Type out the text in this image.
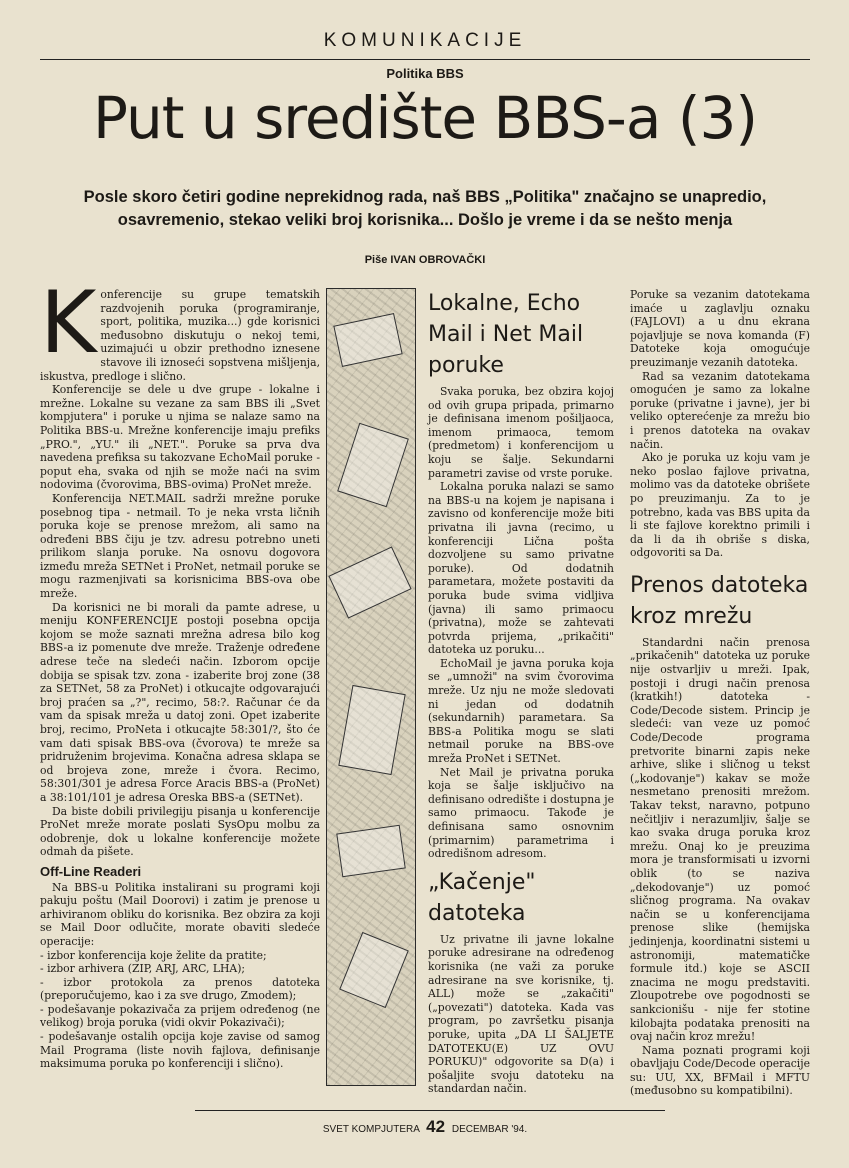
KOMUNIKACIJE
Politika BBS
Put u središte BBS-a (3)
Posle skoro četiri godine neprekidnog rada, naš BBS „Politika" značajno se unapredio, osavremenio, stekao veliki broj korisnika... Došlo je vreme i da se nešto menja
Piše IVAN OBROVAČKI

Konferencije su grupe tematskih razdvojenih poruka (programiranje, sport, politika, muzika...) gde korisnici međusobno diskutuju o nekoj temi, uzimajući u obzir prethodno iznesene stavove ili iznoseći sopstvena mišljenja, iskustva, predloge i slično.

Konferencije se dele u dve grupe - lokalne i mrežne. Lokalne su vezane za sam BBS ili „Svet kompjutera" i poruke u njima se nalaze samo na Politika BBS-u. Mrežne konferencije imaju prefiks „PRO.", „YU." ili „NET.". Poruke sa prva dva navedena prefiksa su takozvane EchoMail poruke - poput eha, svaka od njih se može naći na svim nodovima (čvorovima, BBS-ovima) ProNet mreže.

Konferencija NET.MAIL sadrži mrežne poruke posebnog tipa - netmail. To je neka vrsta ličnih poruka koje se prenose mrežom, ali samo na određeni BBS čiju je tzv. adresu potrebno uneti prilikom slanja poruke. Na osnovu dogovora između mreža SETNet i ProNet, netmail poruke se mogu razmenjivati sa korisnicima BBS-ova obe mreže.

Da korisnici ne bi morali da pamte adrese, u meniju KONFERENCIJE postoji posebna opcija kojom se može saznati mrežna adresa bilo kog BBS-a iz pomenute dve mreže. Traženje određene adrese teče na sledeći način. Izborom opcije dobija se spisak tzv. zona - izaberite broj zone (38 za SETNet, 58 za ProNet) i otkucajte odgovarajući broj praćen sa „?", recimo, 58:?. Računar će da vam da spisak mreža u datoj zoni. Opet izaberite broj, recimo, ProNeta i otkucajte 58:301/?, što će vam dati spisak BBS-ova (čvorova) te mreže sa pridruženim brojevima. Konačna adresa sklapa se od brojeva zone, mreže i čvora. Recimo, 58:301/301 je adresa Force Aracis BBS-a (ProNet) a 38:101/101 je adresa Oreska BBS-a (SETNet).

Da biste dobili privilegiju pisanja u konferencije ProNet mreže morate poslati SysOpu molbu za odobrenje, dok u lokalne konferencije možete odmah da pišete.

Off-Line Readeri

Na BBS-u Politika instalirani su programi koji pakuju poštu (Mail Doorovi) i zatim je prenose u arhiviranom obliku do korisnika. Bez obzira za koji se Mail Door odlučite, morate obaviti sledeće operacije:

- izbor konferencija koje želite da pratite;
- izbor arhivera (ZIP, ARJ, ARC, LHA);
- izbor protokola za prenos datoteka (preporučujemo, kao i za sve drugo, Zmodem);
- podešavanje pokazivača za prijem određenog (ne velikog) broja poruka (vidi okvir Pokazivači);
- podešavanje ostalih opcija koje zavise od samog Mail Programa (liste novih fajlova, definisanje maksimuma poruka po konferenciji i slično).
Lokalne, Echo Mail i Net Mail poruke

Svaka poruka, bez obzira kojoj od ovih grupa pripada, primarno je definisana imenom pošiljaoca, imenom primaoca, temom (predmetom) i konferencijom u koju se šalje. Sekundarni parametri zavise od vrste poruke.

Lokalna poruka nalazi se samo na BBS-u na kojem je napisana i zavisno od konferencije može biti privatna ili javna (recimo, u konferenciji Lična pošta dozvoljene su samo privatne poruke). Od dodatnih parametara, možete postaviti da poruka bude svima vidljiva (javna) ili samo primaocu (privatna), može se zahtevati potvrda prijema, „prikačiti" datoteka uz poruku...

EchoMail je javna poruka koja se „umnoži" na svim čvorovima mreže. Uz nju ne može sledovati ni jedan od dodatnih (sekundarnih) parametara. Sa BBS-a Politika mogu se slati netmail poruke na BBS-ove mreža ProNet i SETNet.

Net Mail je privatna poruka koja se šalje isključivo na definisano odredište i dostupna je samo primaocu. Takođe je definisana samo osnovnim (primarnim) parametrima i odredišnom adresom.

„Kačenje" datoteka

Uz privatne ili javne lokalne poruke adresirane na određenog korisnika (ne važi za poruke adresirane na sve korisnike, tj. ALL) može se „zakačiti" („povezati") datoteka. Kada vas program, po završetku pisanja poruke, upita „DA LI ŠALJETE DATOTEKU(E) UZ OVU PORUKU)" odgovorite sa D(a) i pošaljite svoju datoteku na standardan način.

Poruke sa vezanim datotekama imaće u zaglavlju oznaku (FAJLOVI) a u dnu ekrana pojavljuje se nova komanda (F) Datoteke koja omogućuje preuzimanje vezanih datoteka.

Rad sa vezanim datotekama omogućen je samo za lokalne poruke (privatne i javne), jer bi veliko opterećenje za mrežu bio i prenos datoteka na ovakav način.

Ako je poruka uz koju vam je neko poslao fajlove privatna, molimo vas da datoteke obrišete po preuzimanju. Za to je potrebno, kada vas BBS upita da li ste fajlove korektno primili i da li da ih obriše s diska, odgovoriti sa Da.

Prenos datoteka kroz mrežu

Standardni način prenosa „prikačenih" datoteka uz poruke nije ostvarljiv u mreži. Ipak, postoji i drugi način prenosa (kratkih!) datoteka - Code/Decode sistem. Princip je sledeći: van veze uz pomoć Code/Decode programa pretvorite binarni zapis neke arhive, slike i sličnog u tekst („kodovanje") kakav se može nesmetano prenositi mrežom. Takav tekst, naravno, potpuno nečitljiv i nerazumljiv, šalje se kao svaka druga poruka kroz mrežu. Onaj ko je preuzima mora je transformisati u izvorni oblik (to se naziva „dekodovanje") uz pomoć sličnog programa. Na ovakav način se u konferencijama prenose slike (hemijska jedinjenja, koordinatni sistemi u astronomiji, matematičke formule itd.) koje se ASCII znacima ne mogu predstaviti. Zloupotrebe ove pogodnosti se sankcionišu - nije fer stotine kilobajta podataka prenositi na ovaj način kroz mrežu!

Nama poznati programi koji obavljaju Code/Decode operacije su: UU, XX, BFMail i MFTU (međusobno su kompatibilni).

SVET KOMPJUTERA 42 DECEMBAR '94.
